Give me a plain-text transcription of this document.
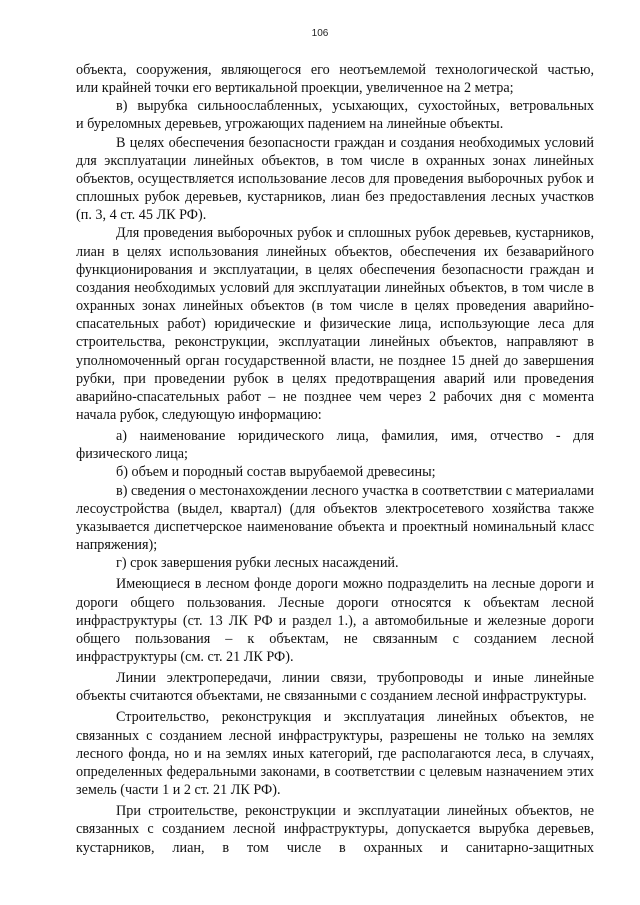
106

объекта, сооружения, являющегося его неотъемлемой технологической частью,

или крайней точки его вертикальной проекции, увеличенное на 2 метра;

в) вырубка сильноослабленных, усыхающих, сухостойных, ветровальных

и буреломных деревьев, угрожающих падением на линейные объекты.

В целях обеспечения безопасности граждан и создания необходимых условий для эксплуатации линейных объектов, в том числе в охранных зонах линейных объектов, осуществляется использование лесов для проведения выборочных рубок и сплошных рубок деревьев, кустарников, лиан без предоставления лесных участков (п. 3, 4 ст. 45 ЛК РФ).

Для проведения выборочных рубок и сплошных рубок деревьев, кустарников, лиан в целях использования линейных объектов, обеспечения их безаварийного функционирования и эксплуатации, в целях обеспечения безопасности граждан и создания необходимых условий для эксплуатации линейных объектов, в том числе в охранных зонах линейных объектов (в том числе в целях проведения аварийно-спасательных работ) юридические и физические лица, использующие леса для строительства, реконструкции, эксплуатации линейных объектов, направляют в уполномоченный орган государственной власти, не позднее 15 дней до завершения рубки, при проведении рубок в целях предотвращения аварий или проведения аварийно-спасательных работ – не позднее чем через 2 рабочих дня с момента начала рубок, следующую информацию:

а) наименование юридического лица, фамилия, имя, отчество - для физического лица;

б) объем и породный состав вырубаемой древесины;

в) сведения о местонахождении лесного участка в соответствии с материалами лесоустройства (выдел, квартал) (для объектов электросетевого хозяйства также указывается диспетчерское наименование объекта и проектный номинальный класс напряжения);

г) срок завершения рубки лесных насаждений.

Имеющиеся в лесном фонде дороги можно подразделить на лесные дороги и дороги общего пользования. Лесные дороги относятся к объектам лесной инфраструктуры (ст. 13 ЛК РФ и раздел 1.), а автомобильные и железные дороги общего пользования – к объектам, не связанным с созданием лесной инфраструктуры (см. ст. 21 ЛК РФ).

Линии электропередачи, линии связи, трубопроводы и иные линейные объекты считаются объектами, не связанными с созданием лесной инфраструктуры.

Строительство, реконструкция и эксплуатация линейных объектов, не связанных с созданием лесной инфраструктуры, разрешены не только на землях лесного фонда, но и на землях иных категорий, где располагаются леса, в случаях, определенных федеральными законами, в соответствии с целевым назначением этих земель (части 1 и 2 ст. 21 ЛК РФ).

При строительстве, реконструкции и эксплуатации линейных объектов, не связанных с созданием лесной инфраструктуры, допускается вырубка деревьев, кустарников, лиан, в том числе в охранных и санитарно-защитных
